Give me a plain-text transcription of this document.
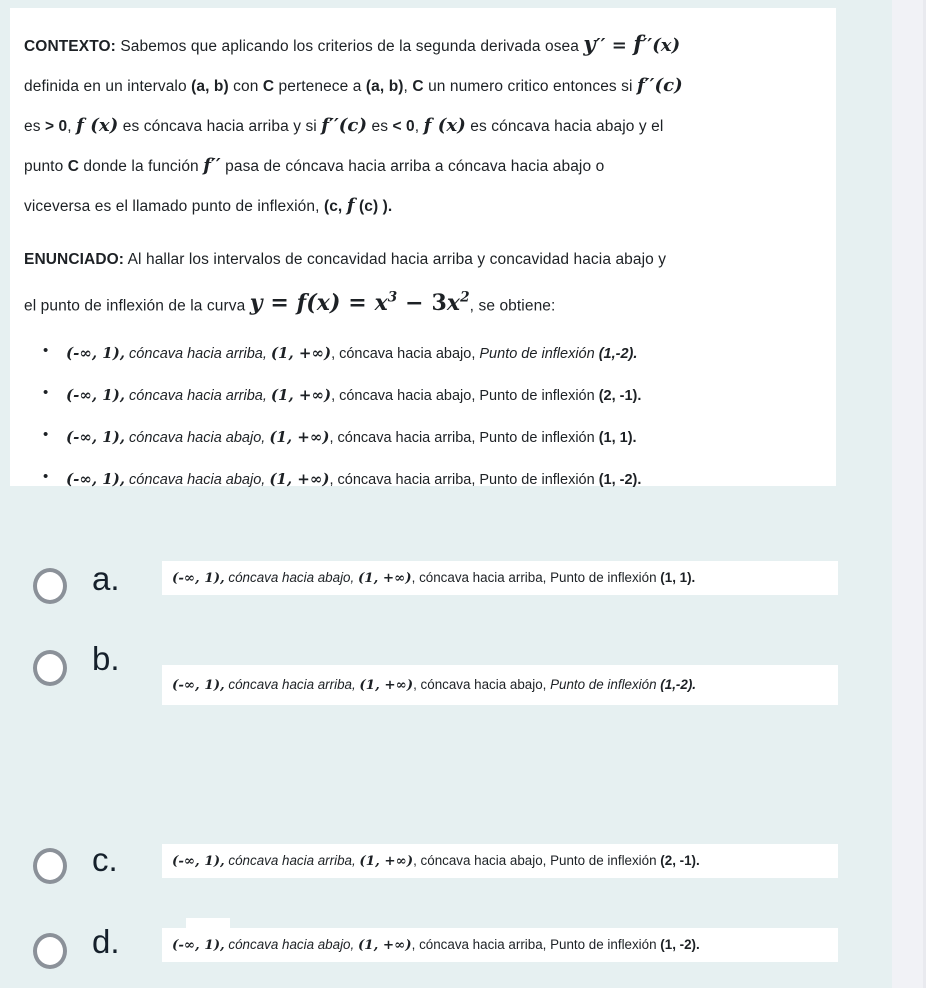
CONTEXTO: Sabemos que aplicando los criterios de la segunda derivada osea y′′ = f′′(x)
definida en un intervalo (a, b) con C pertenece a (a, b), C un numero critico entonces si f′′(c)
es > 0, f (x) es cóncava hacia arriba y si f′′(c) es < 0, f (x) es cóncava hacia abajo y el
punto C donde la función f′′ pasa de cóncava hacia arriba a cóncava hacia abajo o
viceversa es el llamado punto de inflexión, (c, f (c) ).
ENUNCIADO: Al hallar los intervalos de concavidad hacia arriba y concavidad hacia abajo y
el punto de inflexión de la curva $y = f(x) = x^3 - 3x^2$, se obtiene:
• (-∞, 1), cóncava hacia arriba, (1, +∞), cóncava hacia abajo, Punto de inflexión (1,-2).
• (-∞, 1), cóncava hacia arriba, (1, +∞), cóncava hacia abajo, Punto de inflexión (2, -1).
• (-∞, 1), cóncava hacia abajo, (1, +∞), cóncava hacia arriba, Punto de inflexión (1, 1).
• (-∞, 1), cóncava hacia abajo, (1, +∞), cóncava hacia arriba, Punto de inflexión (1, -2).
a.	(-∞, 1), cóncava hacia abajo, (1, +∞), cóncava hacia arriba, Punto de inflexión (1, 1).
b.
(-∞, 1), cóncava hacia arriba, (1, +∞), cóncava hacia abajo, Punto de inflexión (1,-2).
c.	(-∞, 1), cóncava hacia arriba, (1, +∞), cóncava hacia abajo, Punto de inflexión (2, -1).
d.	(-∞, 1), cóncava hacia abajo, (1, +∞), cóncava hacia arriba, Punto de inflexión (1, -2).
